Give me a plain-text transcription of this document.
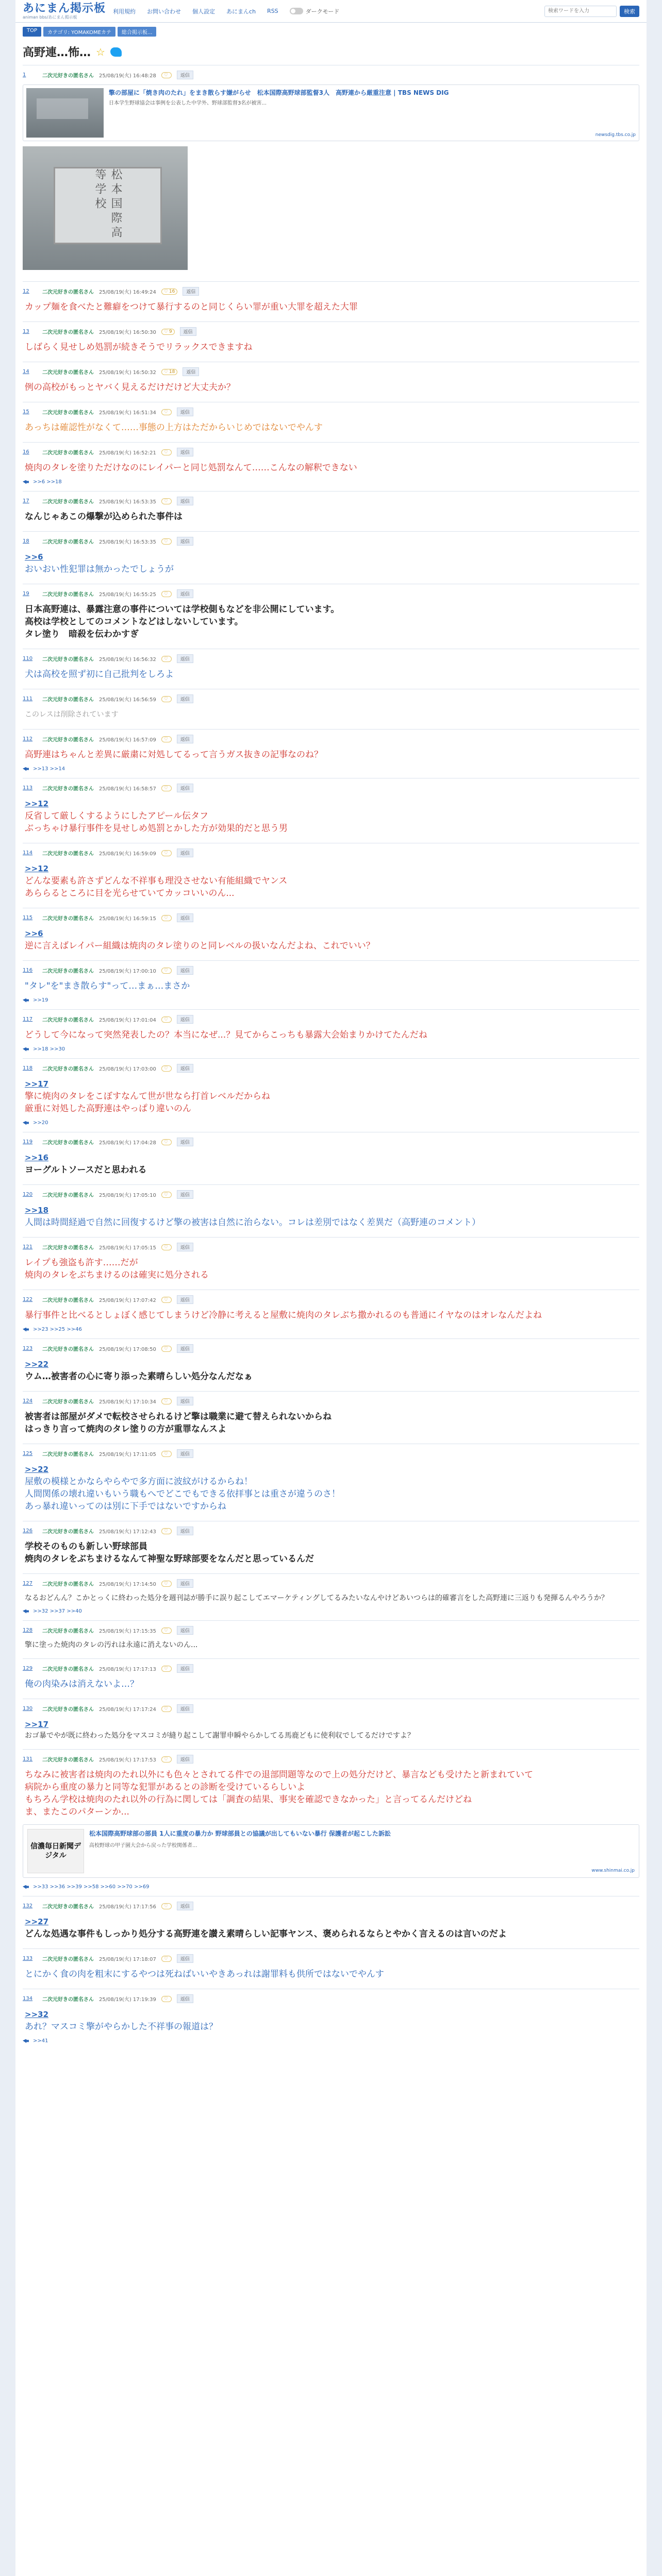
あにまん掲示板
animan bbs/あにまん掲示板
利用規約 お問い合わせ 個人設定 あにまんch RSS	ダークモード
検索ワードを入力	検索
TOP	カテゴリ: YOMAKOMEカテ	総合掲示板...
高野連…怖… ☆
1	二次元好きの匿名さん 25/08/19(火) 16:48:28 ♡	返信
擎の部屋に「焼き肉のたれ」をまき散らす嫌がらせ　松本国際高野球部監督3人　高野連から厳重注意 | TBS NEWS DIG
日本学生野球協会は事例を公表した中学外、野球部監督3名が被害...
newsdig.tbs.co.jp
松本国際高等学校
12	二次元好きの匿名さん 25/08/19(火) 16:49:24 ♡ 16	返信
カップ麺を食べたと難癖をつけて暴行するのと同じくらい罪が重い大罪を超えた大罪
13	二次元好きの匿名さん 25/08/19(火) 16:50:30 ♡ 9	返信
しばらく見せしめ処罰が続きそうでリラックスできますね
14	二次元好きの匿名さん 25/08/19(火) 16:50:32 ♡ 18	返信
例の高校がもっとヤバく見えるだけだけど大丈夫か？
15	二次元好きの匿名さん 25/08/19(火) 16:51:34 ♡	返信
あっちは確認性がなくて……事態の上方はただからいじめではないでやんす
16	二次元好きの匿名さん 25/08/19(火) 16:52:21 ♡	返信
焼肉のタレを塗りただけなのにレイパーと同じ処罰なんて……こんなの解釈できない
>>6 >>18
17	二次元好きの匿名さん 25/08/19(火) 16:53:35 ♡	返信
なんじゃあこの爆撃が込められた事件は
18	二次元好きの匿名さん 25/08/19(火) 16:53:35 ♡	返信
>>6
おいおい性犯罪は無かったでしょうが
19	二次元好きの匿名さん 25/08/19(火) 16:55:25 ♡	返信
日本高野連は、暴露注意の事件については学校側もなどを非公開にしています。
高校は学校としてのコメントなどはしないしています。
タレ塗り　暗殺を伝わかすぎ
110	二次元好きの匿名さん 25/08/19(火) 16:56:32 ♡	返信
犬は高校を照ず初に自己批判をしろよ
111	二次元好きの匿名さん 25/08/19(火) 16:56:59 ♡	返信
このレスは削除されています
112	二次元好きの匿名さん 25/08/19(火) 16:57:09 ♡	返信
高野連はちゃんと差異に厳粛に対処してるって言うガス抜きの記事なのね？
>>13 >>14
113	二次元好きの匿名さん 25/08/19(火) 16:58:57 ♡	返信
>>12
反省して厳しくするようにしたアピール伝タフ
ぶっちゃけ暴行事件を見せしめ処罰とかした方が効果的だと思う男
114	二次元好きの匿名さん 25/08/19(火) 16:59:09 ♡	返信
>>12
どんな要素も許さずどんな不祥事も理没させない有能組織でヤンス
あららるところに目を光らせていてカッコいいのん...
115	二次元好きの匿名さん 25/08/19(火) 16:59:15 ♡	返信
>>6
逆に言えばレイパー組織は焼肉のタレ塗りのと同レベルの扱いなんだよね、これでいい？
116	二次元好きの匿名さん 25/08/19(火) 17:00:10 ♡	返信
"タレ"を"まき散らす"って…まぁ…まさか
>>19
117	二次元好きの匿名さん 25/08/19(火) 17:01:04 ♡	返信
どうして今になって突然発表したの？本当になぜ...？見てからこっちも暴露大会始まりかけてたんだね
>>18 >>30
118	二次元好きの匿名さん 25/08/19(火) 17:03:00 ♡	返信
>>17
擎に焼肉のタレをこぼすなんて世が世なら打首レベルだからね
厳重に対処した高野連はやっぱり違いのん
>>20
119	二次元好きの匿名さん 25/08/19(火) 17:04:28 ♡	返信
>>16
ヨーグルトソースだと思われる
120	二次元好きの匿名さん 25/08/19(火) 17:05:10 ♡	返信
>>18
人間は時間経過で自然に回復するけど擎の被害は自然に治らない。コレは差別ではなく差異だ（高野連のコメント）
121	二次元好きの匿名さん 25/08/19(火) 17:05:15 ♡	返信
レイプも強盗も許す……だが
焼肉のタレをぶちまけるのは確実に処分される
122	二次元好きの匿名さん 25/08/19(火) 17:07:42 ♡	返信
暴行事件と比べるとしょぼく感じてしまうけど冷静に考えると屋敷に焼肉のタレぶち撒かれるのも普通にイヤなのはオレなんだよね
>>23 >>25 >>46
123	二次元好きの匿名さん 25/08/19(火) 17:08:50 ♡	返信
>>22
ウム…被害者の心に寄り添った素晴らしい処分なんだなぁ
124	二次元好きの匿名さん 25/08/19(火) 17:10:34 ♡	返信
被害者は部屋がダメで転校させられるけど擎は職業に避て替えられないからね
はっきり言って焼肉のタレ塗りの方が重罪なんスよ
125	二次元好きの匿名さん 25/08/19(火) 17:11:05 ♡	返信
>>22
屋敷の模様とかならやらやで多方面に波紋がけるからね！
人間関係の壊れ違いもいう職もへでどこでもできる依拝事とは重さが違うのさ！
あっ暴れ違いってのは別に下手ではないですからね
126	二次元好きの匿名さん 25/08/19(火) 17:12:43 ♡	返信
学校そのものも新しい野球部員
焼肉のタレをぶちまけるなんて神聖な野球部要をなんだと思っているんだ
127	二次元好きの匿名さん 25/08/19(火) 17:14:50 ♡	返信
なるおどんん？こかとっくに終わった処分を週刊誌が勝手に誤り起こしてエマーケティングしてるみたいなんやけどあいつらは的確審言をした高野連に三返りも発揮るんやろうか？
>>32 >>37 >>40
128	二次元好きの匿名さん 25/08/19(火) 17:15:35 ♡	返信
擎に塗った焼肉のタレの汚れは永遠に消えないのん...
129	二次元好きの匿名さん 25/08/19(火) 17:17:13 ♡	返信
俺の肉染みは消えないよ…？
130	二次元好きの匿名さん 25/08/19(火) 17:17:24 ♡	返信
>>17
おゴ暴でやが既に終わった処分をマスコミが縫り起こして謝罪申瞬やらかしてる馬鹿どもに使利収でしてるだけですよ？
131	二次元好きの匿名さん 25/08/19(火) 17:17:53 ♡	返信
ちなみに被害者は焼肉のたれ以外にも色々とされてる件での退部問題等なので上の処分だけど、暴言なども受けたと新まれていて
病院から重度の暴力と同等な犯罪があるとの診断を受けているらしいよ
もちろん学校は焼肉のたれ以外の行為に関しては「調査の結果、事実を確認できなかった」と言ってるんだけどね
ま、またこのパターンか...
信濃毎日新聞デジタル
松本国際高野球部の部員 1人に重度の暴力か 野球部員との協議が出してもいない暴行 保護者が起こした訴訟
高校野球の甲子園大会から戻った学校関係者...
www.shinmai.co.jp
>>33 >>36 >>39 >>58 >>60 >>70 >>69
132	二次元好きの匿名さん 25/08/19(火) 17:17:56 ♡	返信
>>27
どんな処遇な事件もしっかり処分する高野連を讃え素晴らしい記事ヤンス、褒められるならとやかく言えるのは言いのだよ
133	二次元好きの匿名さん 25/08/19(火) 17:18:07 ♡	返信
とにかく食の肉を粗末にするやつは死ねばいいやきあっれは謝罪料も供所ではないでやんす
134	二次元好きの匿名さん 25/08/19(火) 17:19:39 ♡	返信
>>32
あれ？マスコミ擎がやらかした不祥事の報道は？
>>41
